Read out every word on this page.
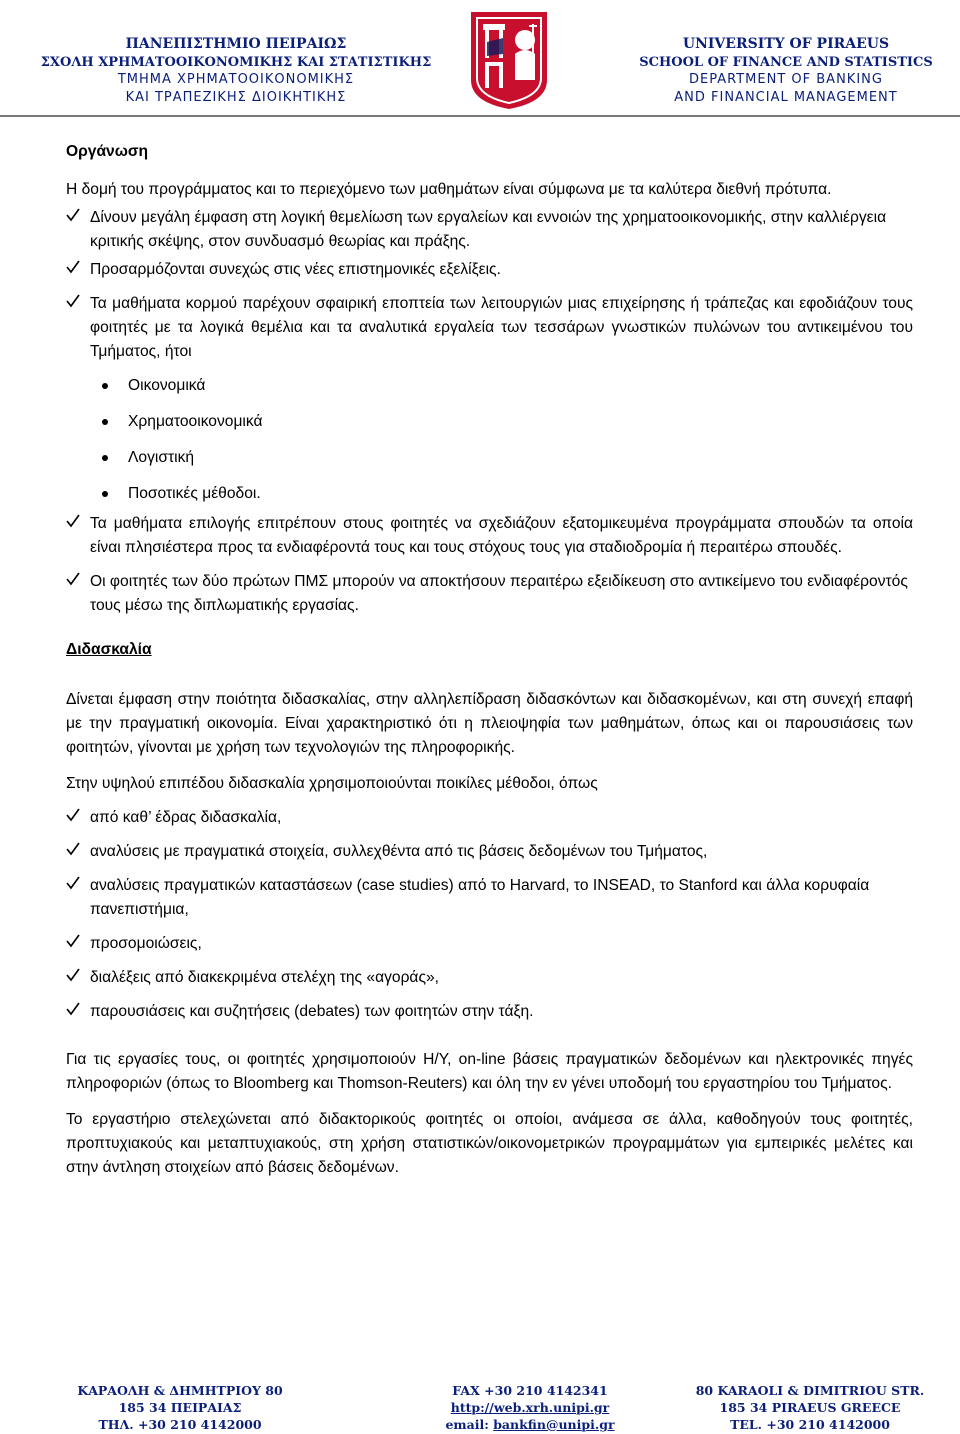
ΠΑΝΕΠΙΣΤΗΜΙΟ ΠΕΙΡΑΙΩΣ
ΣΧΟΛΗ ΧΡΗΜΑΤΟΟΙΚΟΝΟΜΙΚΗΣ ΚΑΙ ΣΤΑΤΙΣΤΙΚΗΣ
ΤΜΗΜΑ ΧΡΗΜΑΤΟΟΙΚΟΝΟΜΙΚΗΣ
ΚΑΙ ΤΡΑΠΕΖΙΚΗΣ ΔΙΟΙΚΗΤΙΚΗΣ
UNIVERSITY OF PIRAEUS
SCHOOL OF FINANCE AND STATISTICS
DEPARTMENT OF BANKING
AND FINANCIAL MANAGEMENT

Οργάνωση

Η δομή του προγράμματος και το περιεχόμενο των μαθημάτων είναι σύμφωνα με τα καλύτερα διεθνή πρότυπα.

Δίνουν μεγάλη έμφαση στη λογική θεμελίωση των εργαλείων και εννοιών της χρηματοοικονομικής, στην καλλιέργεια κριτικής σκέψης, στον συνδυασμό θεωρίας και πράξης.

Προσαρμόζονται συνεχώς στις νέες επιστημονικές εξελίξεις.

Τα μαθήματα κορμού παρέχουν σφαιρική εποπτεία των λειτουργιών μιας επιχείρησης ή τράπεζας και εφοδιάζουν τους φοιτητές με τα λογικά θεμέλια και τα αναλυτικά εργαλεία των τεσσάρων γνωστικών πυλώνων του αντικειμένου του Τμήματος, ήτοι

Οικονομικά

Χρηματοοικονομικά

Λογιστική

Ποσοτικές μέθοδοι.

Τα μαθήματα επιλογής επιτρέπουν στους φοιτητές να σχεδιάζουν εξατομικευμένα προγράμματα σπουδών τα οποία είναι πλησιέστερα προς τα ενδιαφέροντά τους και τους στόχους τους για σταδιοδρομία ή περαιτέρω σπουδές.

Οι φοιτητές των δύο πρώτων ΠΜΣ μπορούν να αποκτήσουν περαιτέρω εξειδίκευση στο αντικείμενο του ενδιαφέροντός τους μέσω της διπλωματικής εργασίας.

Διδασκαλία

Δίνεται έμφαση στην ποιότητα διδασκαλίας, στην αλληλεπίδραση διδασκόντων και διδασκομένων, και στη συνεχή επαφή με την πραγματική οικονομία. Είναι χαρακτηριστικό ότι η πλειοψηφία των μαθημάτων, όπως και οι παρουσιάσεις των φοιτητών, γίνονται με χρήση των τεχνολογιών της πληροφορικής.

Στην υψηλού επιπέδου διδασκαλία χρησιμοποιούνται ποικίλες μέθοδοι, όπως

από καθ’ έδρας διδασκαλία,

αναλύσεις με πραγματικά στοιχεία, συλλεχθέντα από τις βάσεις δεδομένων του Τμήματος,

αναλύσεις πραγματικών καταστάσεων (case studies) από το Harvard, το INSEAD, το Stanford και άλλα κορυφαία πανεπιστήμια,

προσομοιώσεις,

διαλέξεις από διακεκριμένα στελέχη της «αγοράς»,

παρουσιάσεις και συζητήσεις (debates) των φοιτητών στην τάξη.

Για τις εργασίες τους, οι φοιτητές χρησιμοποιούν Η/Υ, on-line βάσεις πραγματικών δεδομένων και ηλεκτρονικές πηγές πληροφοριών (όπως το Bloomberg και Thomson-Reuters) και όλη την εν γένει υποδομή του εργαστηρίου του Τμήματος.

Το εργαστήριο στελεχώνεται από διδακτορικούς φοιτητές οι οποίοι, ανάμεσα σε άλλα, καθοδηγούν τους φοιτητές, προπτυχιακούς και μεταπτυχιακούς, στη χρήση στατιστικών/οικονομετρικών προγραμμάτων για εμπειρικές μελέτες και στην άντληση στοιχείων από βάσεις δεδομένων.

ΚΑΡΑΟΛΗ & ΔΗΜΗΤΡΙΟΥ 80
185 34 ΠΕΙΡΑΙΑΣ
ΤΗΛ. +30 210 4142000
FAX +30 210 4142341
http://web.xrh.unipi.gr
email: bankfin@unipi.gr
80 KARAOLI & DIMITRIOU STR.
185 34 PIRAEUS GREECE
TEL. +30 210 4142000
